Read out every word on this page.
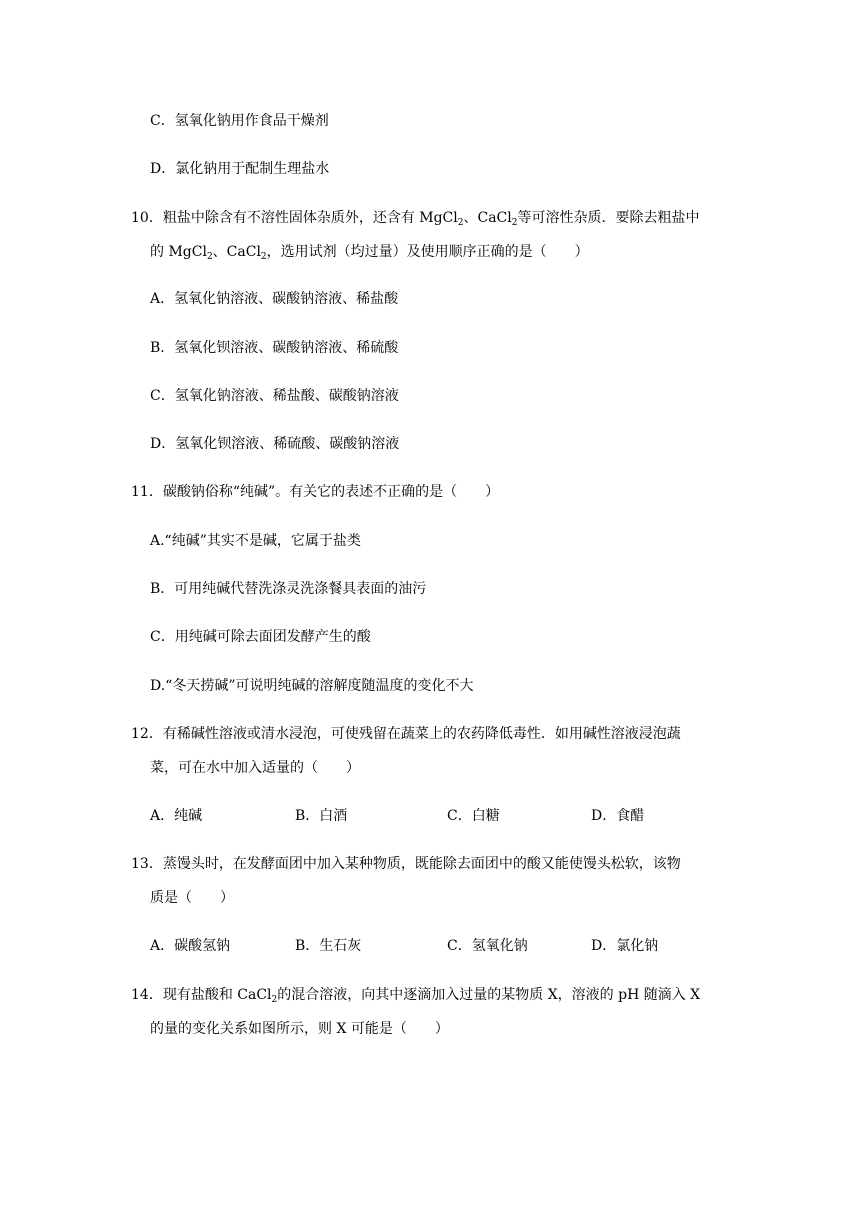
C．氢氧化钠用作食品干燥剂
D．氯化钠用于配制生理盐水
10．粗盐中除含有不溶性固体杂质外，还含有 MgCl$_2$、CaCl$_2$等可溶性杂质．要除去粗盐中
的 MgCl$_2$、CaCl$_2$，选用试剂（均过量）及使用顺序正确的是（　　）
A．氢氧化钠溶液、碳酸钠溶液、稀盐酸
B．氢氧化钡溶液、碳酸钠溶液、稀硫酸
C．氢氧化钠溶液、稀盐酸、碳酸钠溶液
D．氢氧化钡溶液、稀硫酸、碳酸钠溶液
11．碳酸钠俗称“纯碱”。有关它的表述不正确的是（　　）
A.“纯碱”其实不是碱，它属于盐类
B．可用纯碱代替洗涤灵洗涤餐具表面的油污
C．用纯碱可除去面团发酵产生的酸
D.“冬天捞碱”可说明纯碱的溶解度随温度的变化不大
12．有稀碱性溶液或清水浸泡，可使残留在蔬菜上的农药降低毒性．如用碱性溶液浸泡蔬
菜，可在水中加入适量的（　　）
A．纯碱	B．白酒	C．白糖	D．食醋
13．蒸馒头时，在发酵面团中加入某种物质，既能除去面团中的酸又能使馒头松软，该物
质是（　　）
A．碳酸氢钠	B．生石灰	C．氢氧化钠	D．氯化钠
14．现有盐酸和 CaCl$_2$的混合溶液，向其中逐滴加入过量的某物质 X，溶液的 pH 随滴入 X
的量的变化关系如图所示，则 X 可能是（　　）
